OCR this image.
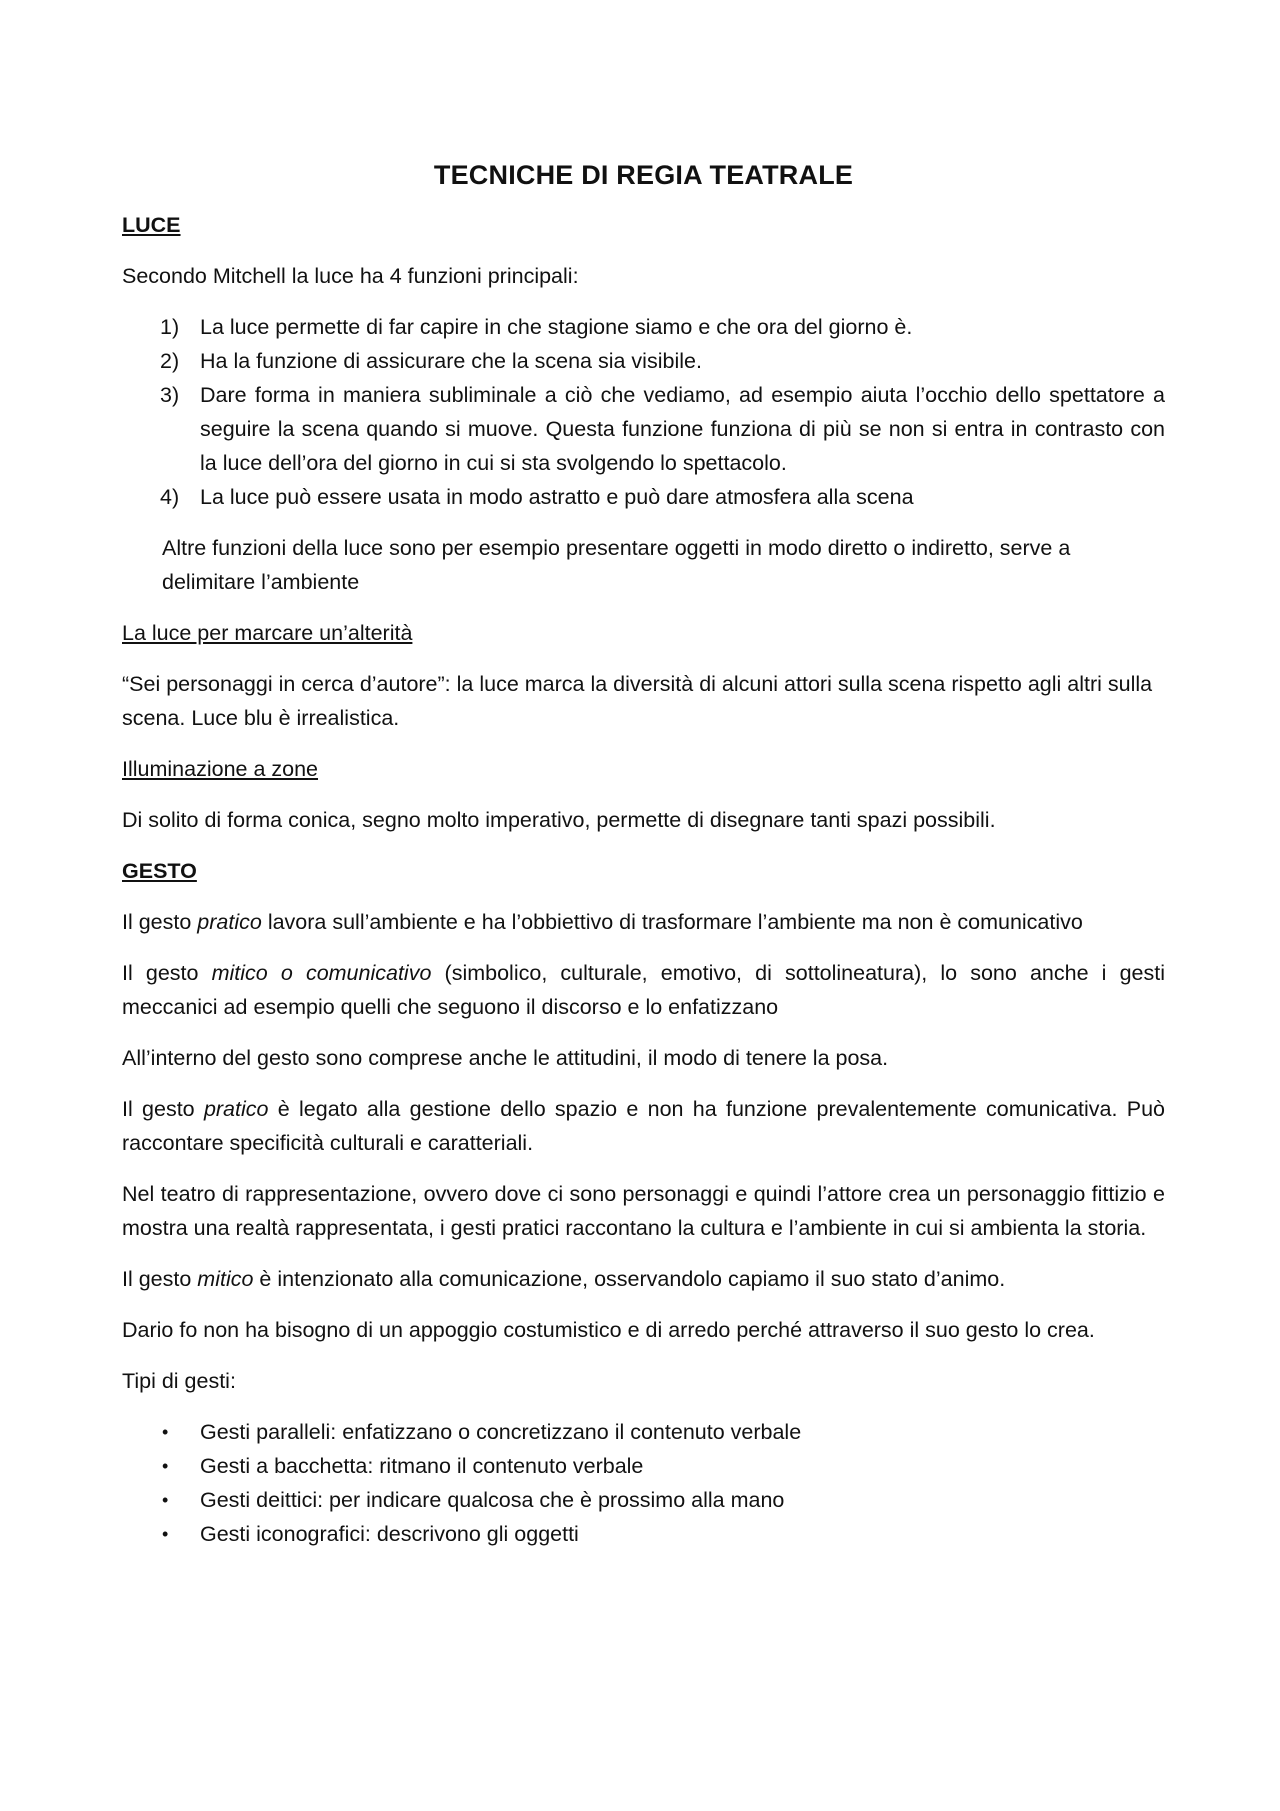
TECNICHE DI REGIA TEATRALE
LUCE

Secondo Mitchell la luce ha 4 funzioni principali:

1) La luce permette di far capire in che stagione siamo e che ora del giorno è.
2) Ha la funzione di assicurare che la scena sia visibile.
3) Dare forma in maniera subliminale a ciò che vediamo, ad esempio aiuta l’occhio dello spettatore a seguire la scena quando si muove. Questa funzione funziona di più se non si entra in contrasto con la luce dell’ora del giorno in cui si sta svolgendo lo spettacolo.
4) La luce può essere usata in modo astratto e può dare atmosfera alla scena

Altre funzioni della luce sono per esempio presentare oggetti in modo diretto o indiretto, serve a delimitare l’ambiente

La luce per marcare un’alterità

“Sei personaggi in cerca d’autore”: la luce marca la diversità di alcuni attori sulla scena rispetto agli altri sulla scena. Luce blu è irrealistica.

Illuminazione a zone

Di solito di forma conica, segno molto imperativo, permette di disegnare tanti spazi possibili.

GESTO

Il gesto pratico lavora sull’ambiente e ha l’obbiettivo di trasformare l’ambiente ma non è comunicativo

Il gesto mitico o comunicativo (simbolico, culturale, emotivo, di sottolineatura), lo sono anche i gesti meccanici ad esempio quelli che seguono il discorso e lo enfatizzano

All’interno del gesto sono comprese anche le attitudini, il modo di tenere la posa.

Il gesto pratico è legato alla gestione dello spazio e non ha funzione prevalentemente comunicativa. Può raccontare specificità culturali e caratteriali.

Nel teatro di rappresentazione, ovvero dove ci sono personaggi e quindi l’attore crea un personaggio fittizio e mostra una realtà rappresentata, i gesti pratici raccontano la cultura e l’ambiente in cui si ambienta la storia.

Il gesto mitico è intenzionato alla comunicazione, osservandolo capiamo il suo stato d’animo.

Dario fo non ha bisogno di un appoggio costumistico e di arredo perché attraverso il suo gesto lo crea.

Tipi di gesti:

• Gesti paralleli: enfatizzano o concretizzano il contenuto verbale
• Gesti a bacchetta: ritmano il contenuto verbale
• Gesti deittici: per indicare qualcosa che è prossimo alla mano
• Gesti iconografici: descrivono gli oggetti
